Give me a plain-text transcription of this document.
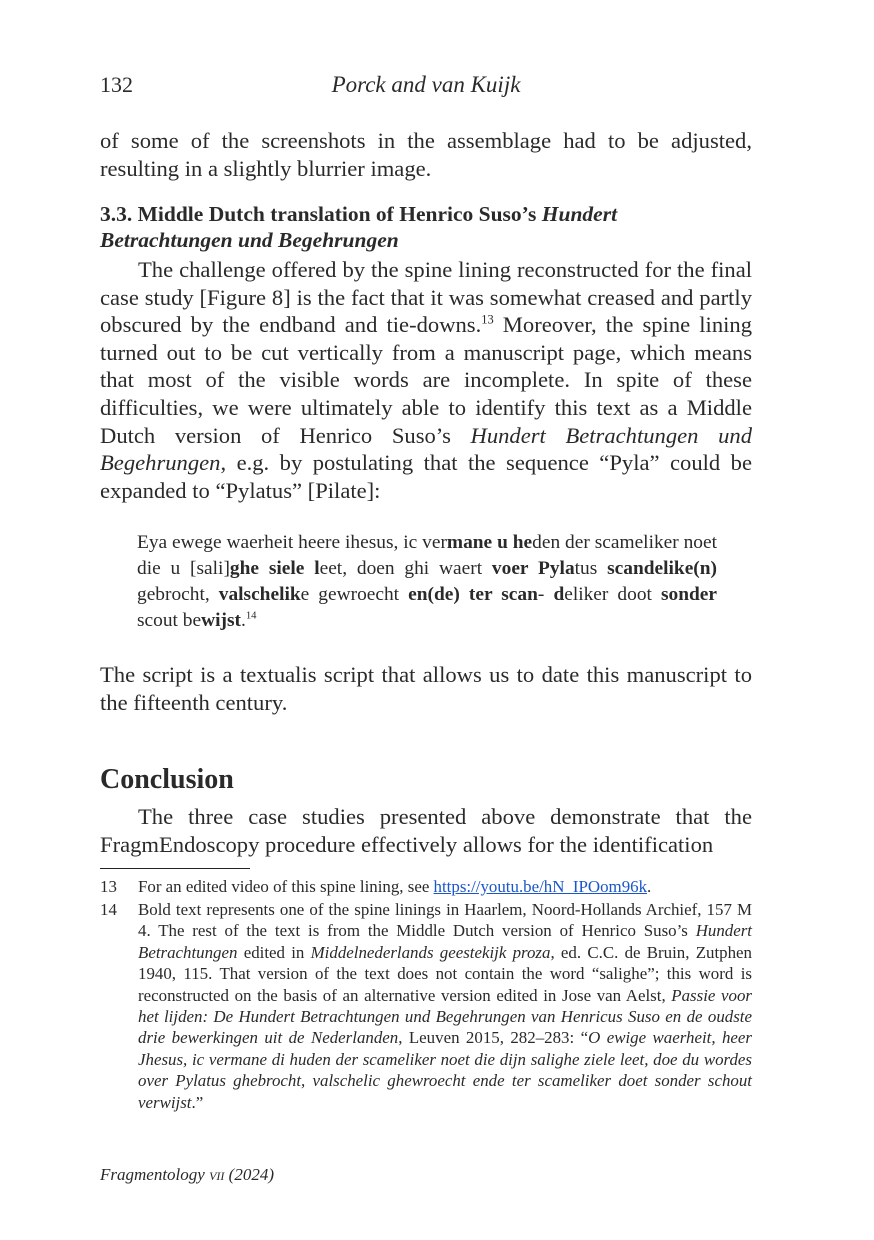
132	Porck and van Kuijk

of some of the screenshots in the assemblage had to be adjusted, resulting in a slightly blurrier image.

3.3. Middle Dutch translation of Henrico Suso’s Hundert Betrachtungen und Begehrungen

The challenge offered by the spine lining reconstructed for the final case study [Figure 8] is the fact that it was somewhat creased and partly obscured by the endband and tie-downs.$^{13}$ Moreover, the spine lining turned out to be cut vertically from a manuscript page, which means that most of the visible words are incomplete. In spite of these difficulties, we were ultimately able to identify this text as a Middle Dutch version of Henrico Suso’s Hundert Betrachtungen und Begehrungen, e.g. by postulating that the sequence “Pyla” could be expanded to “Pylatus” [Pilate]:

Eya ewege waerheit heere ihesus, ic vermane u heden der scameliker noet die u [sali]ghe siele leet, doen ghi waert voer Pylatus scandelike(n) gebrocht, valschelike gewroecht en(de) ter scan- deliker doot sonder scout bewijst.$^{14}$

The script is a textualis script that allows us to date this manuscript to the fifteenth century.

Conclusion

The three case studies presented above demonstrate that the FragmEndoscopy procedure effectively allows for the identification

13	For an edited video of this spine lining, see https://youtu.be/hN_IPOom96k.
14	Bold text represents one of the spine linings in Haarlem, Noord-Hollands Archief, 157 M 4. The rest of the text is from the Middle Dutch version of Henrico Suso’s Hundert Betrachtungen edited in Middelnederlands geestekijk proza, ed. C.C. de Bruin, Zutphen 1940, 115. That version of the text does not contain the word “salighe”; this word is reconstructed on the basis of an alternative version edited in Jose van Aelst, Passie voor het lijden: De Hundert Betrachtungen und Begehrungen van Henricus Suso en de oudste drie bewerkingen uit de Nederlanden, Leuven 2015, 282–283: “O ewige waerheit, heer Jhesus, ic vermane di huden der scameliker noet die dijn salighe ziele leet, doe du wordes over Pylatus ghebrocht, valschelic ghewroecht ende ter scameliker doet sonder schout verwijst.”
Fragmentology vii (2024)
